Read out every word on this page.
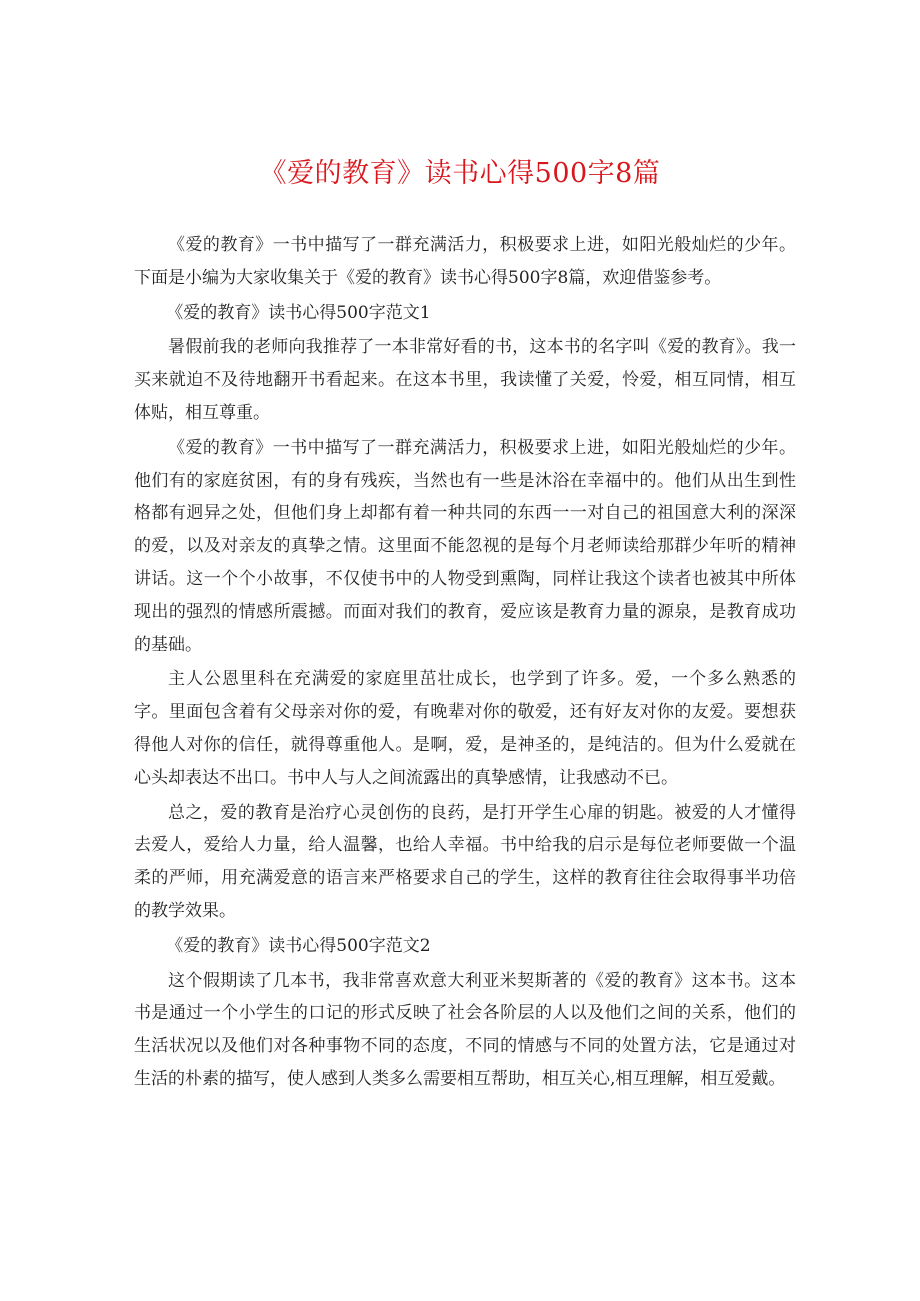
《爱的教育》读书心得500字8篇

《爱的教育》一书中描写了一群充满活力，积极要求上进，如阳光般灿烂的少年。下面是小编为大家收集关于《爱的教育》读书心得500字8篇，欢迎借鉴参考。

《爱的教育》读书心得500字范文1

暑假前我的老师向我推荐了一本非常好看的书，这本书的名字叫《爱的教育》。我一买来就迫不及待地翻开书看起来。在这本书里，我读懂了关爱，怜爱，相互同情，相互体贴，相互尊重。

《爱的教育》一书中描写了一群充满活力，积极要求上进，如阳光般灿烂的少年。他们有的家庭贫困，有的身有残疾，当然也有一些是沐浴在幸福中的。他们从出生到性格都有迥异之处，但他们身上却都有着一种共同的东西一一对自己的祖国意大利的深深的爱，以及对亲友的真挚之情。这里面不能忽视的是每个月老师读给那群少年听的精神讲话。这一个个小故事，不仅使书中的人物受到熏陶，同样让我这个读者也被其中所体现出的强烈的情感所震撼。而面对我们的教育，爱应该是教育力量的源泉，是教育成功的基础。

主人公恩里科在充满爱的家庭里茁壮成长，也学到了许多。爱，一个多么熟悉的字。里面包含着有父母亲对你的爱，有晚辈对你的敬爱，还有好友对你的友爱。要想获得他人对你的信任，就得尊重他人。是啊，爱，是神圣的，是纯洁的。但为什么爱就在心头却表达不出口。书中人与人之间流露出的真挚感情，让我感动不已。

总之，爱的教育是治疗心灵创伤的良药，是打开学生心扉的钥匙。被爱的人才懂得去爱人，爱给人力量，给人温馨，也给人幸福。书中给我的启示是每位老师要做一个温柔的严师，用充满爱意的语言来严格要求自己的学生，这样的教育往往会取得事半功倍的教学效果。

《爱的教育》读书心得500字范文2

这个假期读了几本书，我非常喜欢意大利亚米契斯著的《爱的教育》这本书。这本书是通过一个小学生的口记的形式反映了社会各阶层的人以及他们之间的关系，他们的生活状况以及他们对各种事物不同的态度，不同的情感与不同的处置方法，它是通过对生活的朴素的描写，使人感到人类多么需要相互帮助，相互关心,相互理解，相互爱戴。
